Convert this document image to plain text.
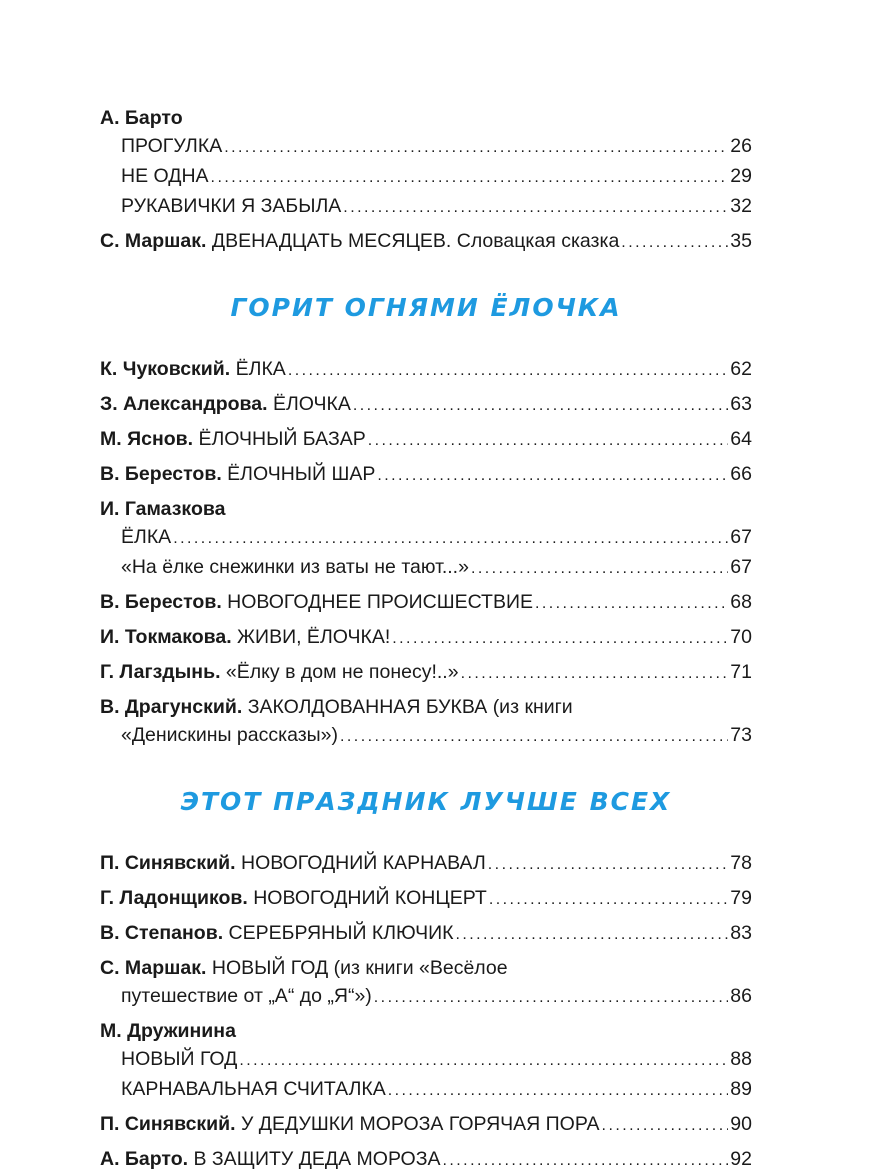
А. Барто
ПРОГУЛКА . . .	26
НЕ ОДНА . . .	29
РУКАВИЧКИ Я ЗАБЫЛА . . .	32
С. Маршак.
ДВЕНАДЦАТЬ МЕСЯЦЕВ. Словацкая сказка . . .	35
ГОРИТ ОГНЯМИ ЁЛОЧКА
К. Чуковский.
ЁЛКА . . .	62
З. Александрова.
ЁЛОЧКА . . .	63
М. Яснов.
ЁЛОЧНЫЙ БАЗАР . . .	64
В. Берестов.
ЁЛОЧНЫЙ ШАР . . .	66
И. Гамазкова
ЁЛКА . . .	67
«На ёлке снежинки из ваты не тают...» . . .	67
В. Берестов.
НОВОГОДНЕЕ ПРОИСШЕСТВИЕ . . .	68
И. Токмакова.
ЖИВИ, ЁЛОЧКА! . . .	70
Г. Лагздынь.
«Ёлку в дом не понесу!..» . . .	71
В. Драгунский. ЗАКОЛДОВАННАЯ БУКВА (из книги
«Денискины рассказы») . . .	73
ЭТОТ ПРАЗДНИК ЛУЧШЕ ВСЕХ
П. Синявский.
НОВОГОДНИЙ КАРНАВАЛ . . .	78
Г. Ладонщиков.
НОВОГОДНИЙ КОНЦЕРТ . . .	79
В. Степанов.
СЕРЕБРЯНЫЙ КЛЮЧИК . . .	83
С. Маршак. НОВЫЙ ГОД (из книги «Весёлое
путешествие от „А“ до „Я“») . . .	86
М. Дружинина
НОВЫЙ ГОД . . .	88
КАРНАВАЛЬНАЯ СЧИТАЛКА . . .	89
П. Синявский.
У ДЕДУШКИ МОРОЗА ГОРЯЧАЯ ПОРА . . .	90
А. Барто.
В ЗАЩИТУ ДЕДА МОРОЗА . . .	92
